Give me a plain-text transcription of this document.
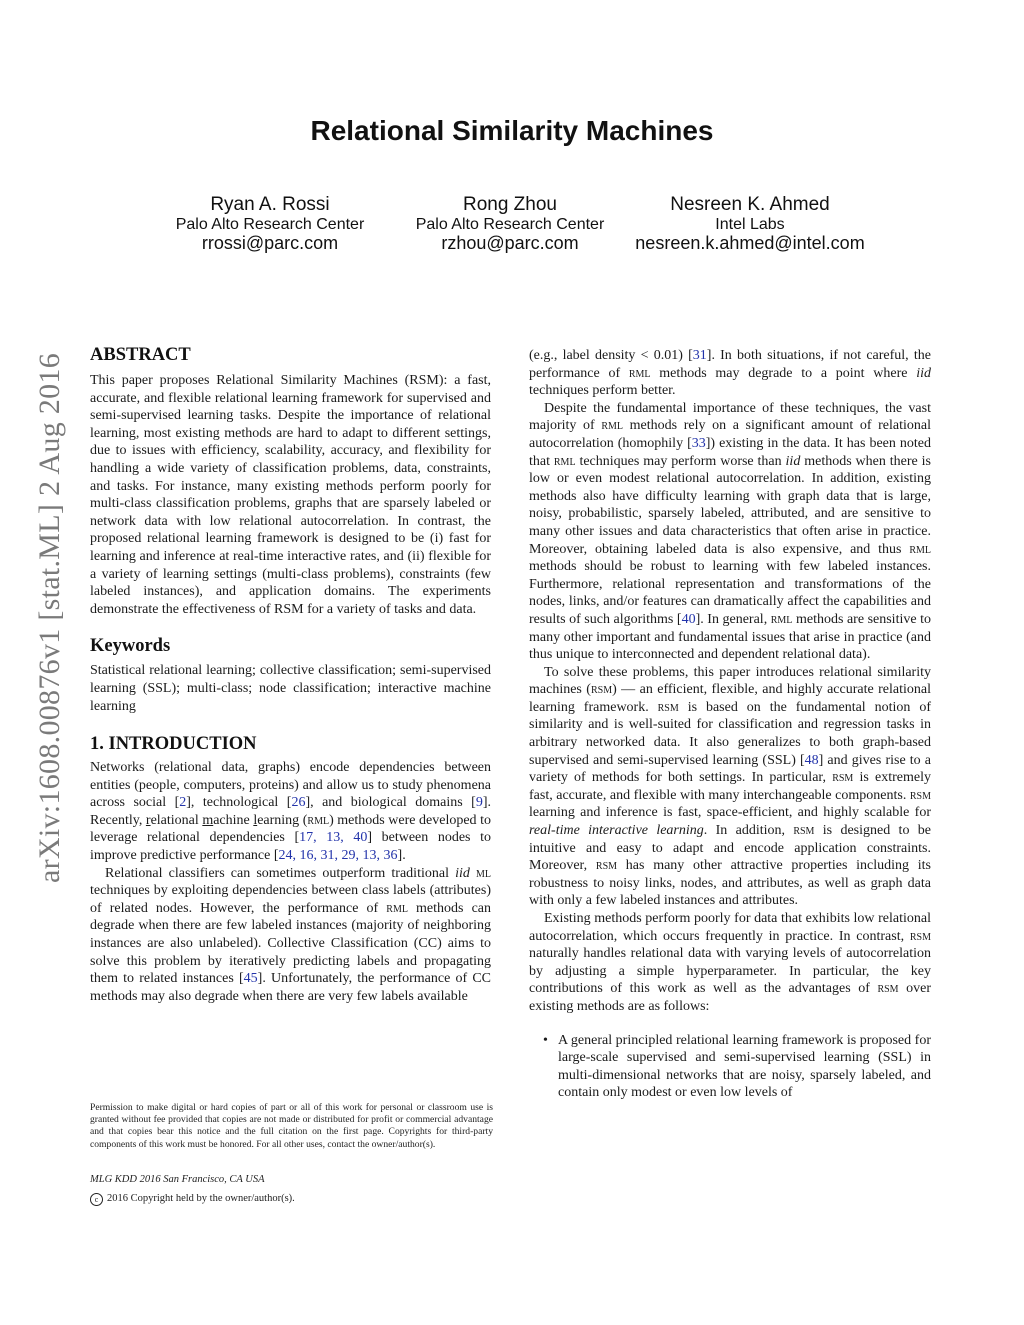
arXiv:1608.00876v1 [stat.ML] 2 Aug 2016
Relational Similarity Machines
Ryan A. Rossi
Palo Alto Research Center
rrossi@parc.com
Rong Zhou
Palo Alto Research Center
rzhou@parc.com
Nesreen K. Ahmed
Intel Labs
nesreen.k.ahmed@intel.com
ABSTRACT

This paper proposes Relational Similarity Machines (RSM): a fast, accurate, and flexible relational learning framework for supervised and semi-supervised learning tasks. Despite the importance of relational learning, most existing methods are hard to adapt to different settings, due to issues with efficiency, scalability, accuracy, and flexibility for handling a wide variety of classification problems, data, constraints, and tasks. For instance, many existing methods perform poorly for multi-class classification problems, graphs that are sparsely labeled or network data with low relational autocorrelation. In contrast, the proposed relational learning framework is designed to be (i) fast for learning and inference at real-time interactive rates, and (ii) flexible for a variety of learning settings (multi-class problems), constraints (few labeled instances), and application domains. The experiments demonstrate the effectiveness of RSM for a variety of tasks and data.

Keywords

Statistical relational learning; collective classification; semi-supervised learning (SSL); multi-class; node classification; interactive machine learning

1. INTRODUCTION

Networks (relational data, graphs) encode dependencies between entities (people, computers, proteins) and allow us to study phenomena across social [2], technological [26], and biological domains [9]. Recently, relational machine learning (rml) methods were developed to leverage relational dependencies [17, 13, 40] between nodes to improve predictive performance [24, 16, 31, 29, 13, 36].

Relational classifiers can sometimes outperform traditional iid ml techniques by exploiting dependencies between class labels (attributes) of related nodes. However, the performance of rml methods can degrade when there are few labeled instances (majority of neighboring instances are also unlabeled). Collective Classification (CC) aims to solve this problem by iteratively predicting labels and propagating them to related instances [45]. Unfortunately, the performance of CC methods may also degrade when there are very few labels available

Permission to make digital or hard copies of part or all of this work for personal or classroom use is granted without fee provided that copies are not made or distributed for profit or commercial advantage and that copies bear this notice and the full citation on the first page. Copyrights for third-party components of this work must be honored. For all other uses, contact the owner/author(s).
MLG KDD 2016 San Francisco, CA USA
c 2016 Copyright held by the owner/author(s).

(e.g., label density < 0.01) [31]. In both situations, if not careful, the performance of rml methods may degrade to a point where iid techniques perform better.

Despite the fundamental importance of these techniques, the vast majority of rml methods rely on a significant amount of relational autocorrelation (homophily [33]) existing in the data. It has been noted that rml techniques may perform worse than iid methods when there is low or even modest relational autocorrelation. In addition, existing methods also have difficulty learning with graph data that is large, noisy, probabilistic, sparsely labeled, attributed, and are sensitive to many other issues and data characteristics that often arise in practice. Moreover, obtaining labeled data is also expensive, and thus rml methods should be robust to learning with few labeled instances. Furthermore, relational representation and transformations of the nodes, links, and/or features can dramatically affect the capabilities and results of such algorithms [40]. In general, rml methods are sensitive to many other important and fundamental issues that arise in practice (and thus unique to interconnected and dependent relational data).

To solve these problems, this paper introduces relational similarity machines (rsm) — an efficient, flexible, and highly accurate relational learning framework. rsm is based on the fundamental notion of similarity and is well-suited for classification and regression tasks in arbitrary networked data. It also generalizes to both graph-based supervised and semi-supervised learning (SSL) [48] and gives rise to a variety of methods for both settings. In particular, rsm is extremely fast, accurate, and flexible with many interchangeable components. rsm learning and inference is fast, space-efficient, and highly scalable for real-time interactive learning. In addition, rsm is designed to be intuitive and easy to adapt and encode application constraints. Moreover, rsm has many other attractive properties including its robustness to noisy links, nodes, and attributes, as well as graph data with only a few labeled instances and attributes.

Existing methods perform poorly for data that exhibits low relational autocorrelation, which occurs frequently in practice. In contrast, rsm naturally handles relational data with varying levels of autocorrelation by adjusting a simple hyperparameter. In particular, the key contributions of this work as well as the advantages of rsm over existing methods are as follows:

• A general principled relational learning framework is proposed for large-scale supervised and semi-supervised learning (SSL) in multi-dimensional networks that are noisy, sparsely labeled, and contain only modest or even low levels of
